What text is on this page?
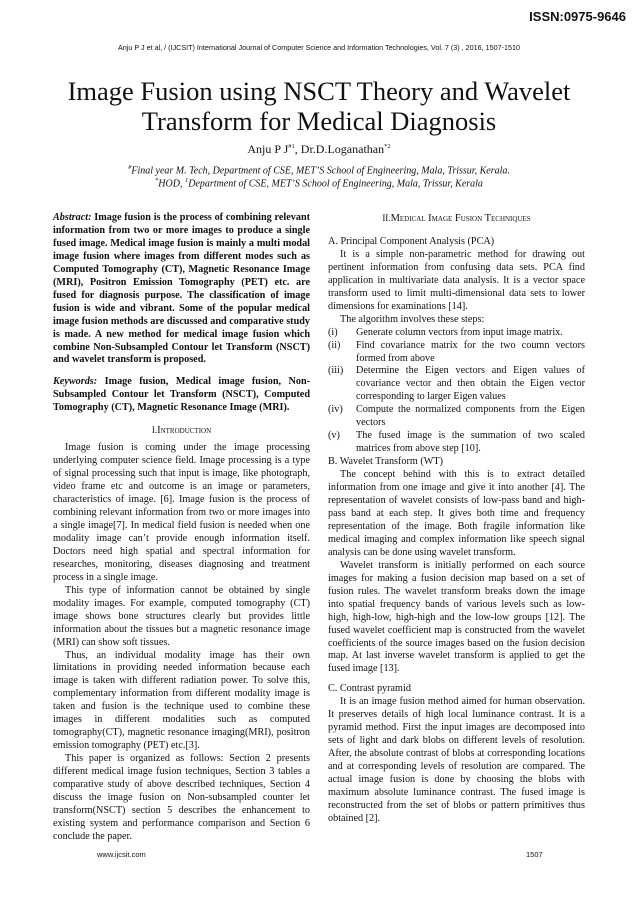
ISSN:0975-9646
Anju P J et al, / (IJCSIT) International Journal of Computer Science and Information Technologies, Vol. 7 (3) , 2016, 1507-1510
Image Fusion using NSCT Theory and Wavelet Transform for Medical Diagnosis
Anju P $J^{\#1}$, Dr.D.Loganathan$^{*2}$
#Final year M. Tech, Department of CSE, MET’S School of Engineering, Mala, Trissur, Kerala.
*HOD, $^1$Department of CSE, MET’S School of Engineering, Mala, Trissur, Kerala

Abstract: Image fusion is the process of combining relevant information from two or more images to produce a single fused image. Medical image fusion is mainly a multi modal image fusion where images from different modes such as Computed Tomography (CT), Magnetic Resonance Image (MRI), Positron Emission Tomography (PET) etc. are fused for diagnosis purpose. The classification of image fusion is wide and vibrant. Some of the popular medical image fusion methods are discussed and comparative study is made. A new method for medical image fusion which combine Non-Subsampled Contour let Transform (NSCT) and wavelet transform is proposed.

Keywords: Image fusion, Medical image fusion, Non-Subsampled Contour let Transform (NSCT), Computed Tomography (CT), Magnetic Resonance Image (MRI).

I.Introduction

Image fusion is coming under the image processing underlying computer science field. Image processing is a type of signal processing such that input is image, like photograph, video frame etc and outcome is an image or parameters, characteristics of image. [6]. Image fusion is the process of combining relevant information from two or more images into a single image[7]. In medical field fusion is needed when one modality image can’t provide enough information itself. Doctors need high spatial and spectral information for researches, monitoring, diseases diagnosing and treatment process in a single image.

This type of information cannot be obtained by single modality images. For example, computed tomography (CT) image shows bone structures clearly but provides little information about the tissues but a magnetic resonance image (MRI) can show soft tissues.

Thus, an individual modality image has their own limitations in providing needed information because each image is taken with different radiation power. To solve this, complementary information from different modality image is taken and fusion is the technique used to combine these images in different modalities such as computed tomography(CT), magnetic resonance imaging(MRI), positron emission tomography (PET) etc.[3].

This paper is organized as follows: Section 2 presents different medical image fusion techniques, Section 3 tables a comparative study of above described techniques, Section 4 discuss the image fusion on Non-subsampled counter let transform(NSCT) section 5 describes the enhancement to existing system and performance comparison and Section 6 conclude the paper.

II.Medical Image Fusion Techniques

A. Principal Component Analysis (PCA)

It is a simple non-parametric method for drawing out pertinent information from confusing data sets. PCA find application in multivariate data analysis. It is a vector space transform used to limit multi-dimensional data sets to lower dimensions for examinations [14].

The algorithm involves these steps:

(i)	Generate column vectors from input image matrix.
(ii)	Find covariance matrix for the two coumn vectors formed from above
(iii)	Determine the Eigen vectors and Eigen values of covariance vector and then obtain the Eigen vector corresponding to larger Eigen values
(iv)	Compute the normalized components from the Eigen vectors
(v)	The fused image is the summation of two scaled matrices from above step [10].

B. Wavelet Transform (WT)

The concept behind with this is to extract detailed information from one image and give it into another [4]. The representation of wavelet consists of low-pass band and high-pass band at each step. It gives both time and frequency representation of the image. Both fragile information like medical imaging and complex information like speech signal analysis can be done using wavelet transform.

Wavelet transform is initially performed on each source images for making a fusion decision map based on a set of fusion rules. The wavelet transform breaks down the image into spatial frequency bands of various levels such as low-high, high-low, high-high and the low-low groups [12]. The fused wavelet coefficient map is constructed from the wavelet coefficients of the source images based on the fusion decision map. At last inverse wavelet transform is applied to get the fused image [13].

C. Contrast pyramid

It is an image fusion method aimed for human observation. It preserves details of high local luminance contrast. It is a pyramid method. First the input images are decomposed into sets of light and dark blobs on different levels of resolution. After, the absolute contrast of blobs at corresponding locations and at corresponding levels of resolution are compared. The actual image fusion is done by choosing the blobs with maximum absolute luminance contrast. The fused image is reconstructed from the set of blobs or pattern primitives thus obtained [2].

www.ijcsit.com	1507
